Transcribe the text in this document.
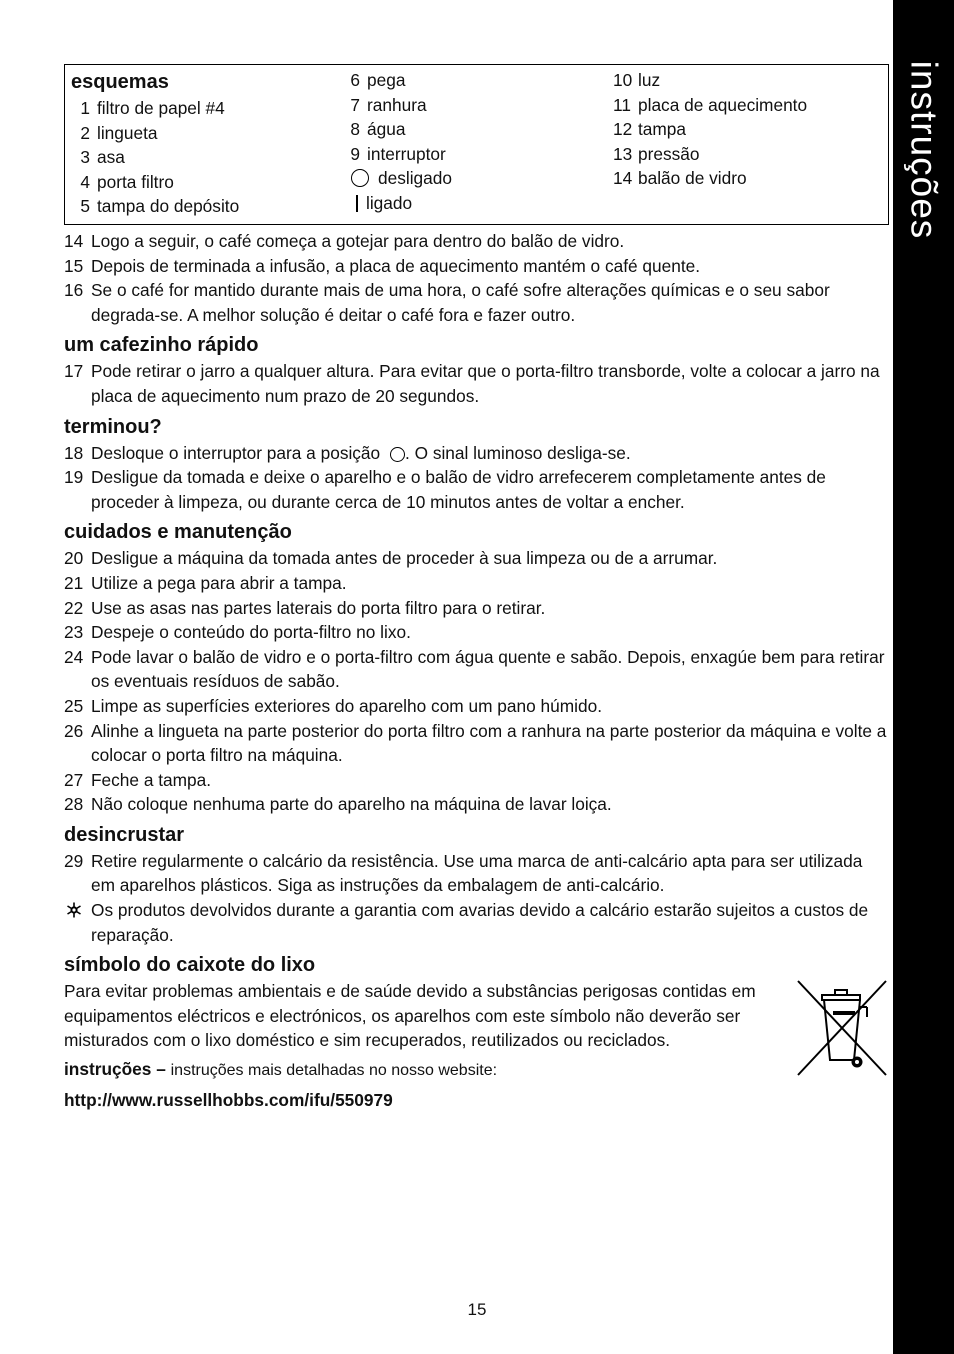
instruções
esquemas
1 filtro de papel #4
2 lingueta
3 asa
4 porta filtro
5 tampa do depósito
6 pega
7 ranhura
8 água
9 interruptor
desligado
ligado
10 luz
11 placa de aquecimento
12 tampa
13 pressão
14 balão de vidro
14 Logo a seguir, o café começa a gotejar para dentro do balão de vidro.
15 Depois de terminada a infusão, a placa de aquecimento mantém o café quente.
16 Se o café for mantido durante mais de uma hora, o café sofre alterações químicas e o seu sabor degrada-se. A melhor solução é deitar o café fora e fazer outro.
um cafezinho rápido
17 Pode retirar o jarro a qualquer altura. Para evitar que o porta-filtro transborde, volte a colocar a jarro na placa de aquecimento num prazo de 20 segundos.
terminou?
18 Desloque o interruptor para a posição . O sinal luminoso desliga-se.
19 Desligue da tomada e deixe o aparelho e o balão de vidro arrefecerem completamente antes de proceder à limpeza, ou durante cerca de 10 minutos antes de voltar a encher.
cuidados e manutenção
20 Desligue a máquina da tomada antes de proceder à sua limpeza ou de a arrumar.
21 Utilize a pega para abrir a tampa.
22 Use as asas nas partes laterais do porta filtro para o retirar.
23 Despeje o conteúdo do porta-filtro no lixo.
24 Pode lavar o balão de vidro e o porta-filtro com água quente e sabão. Depois, enxagúe bem para retirar os eventuais resíduos de sabão.
25 Limpe as superfícies exteriores do aparelho com um pano húmido.
26 Alinhe a lingueta na parte posterior do porta filtro com a ranhura na parte posterior da máquina e volte a colocar o porta filtro na máquina.
27 Feche a tampa.
28 Não coloque nenhuma parte do aparelho na máquina de lavar loiça.
desincrustar
29 Retire regularmente o calcário da resistência. Use uma marca de anti-calcário apta para ser utilizada em aparelhos plásticos. Siga as instruções da embalagem de anti-calcário.
Os produtos devolvidos durante a garantia com avarias devido a calcário estarão sujeitos a custos de reparação.
símbolo do caixote do lixo
Para evitar problemas ambientais e de saúde devido a substâncias perigosas contidas em equipamentos eléctricos e electrónicos, os aparelhos com este símbolo não deverão ser misturados com o lixo doméstico e sim recuperados, reutilizados ou reciclados.
instruções – instruções mais detalhadas no nosso website:
http://www.russellhobbs.com/ifu/550979
15
